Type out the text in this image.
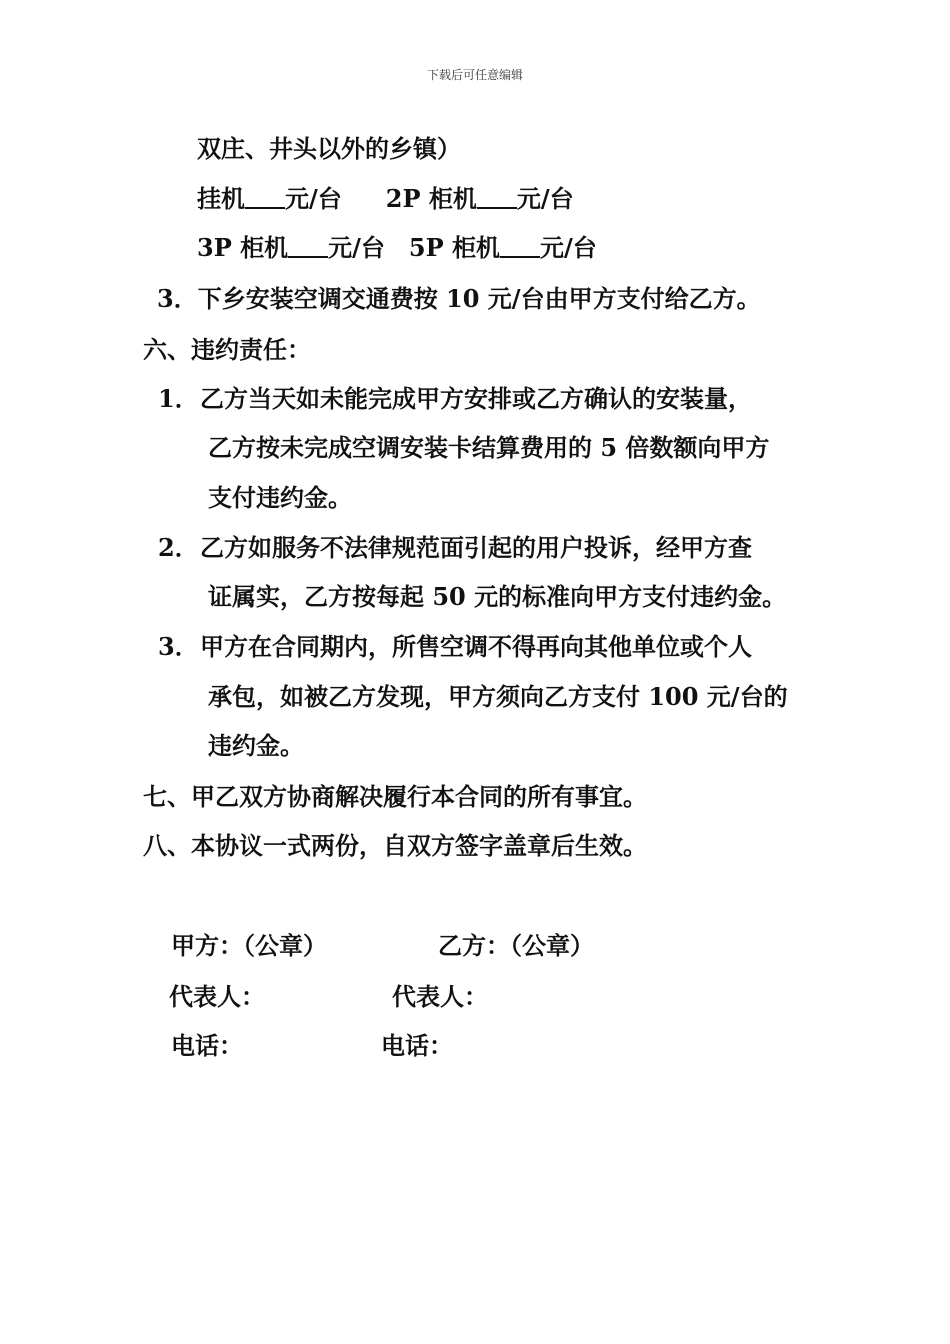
下载后可任意编辑
双庄、井头以外的乡镇）
挂机 元/台 2P 柜机 元/台
3P 柜机 元/台 5P 柜机 元/台
3．下乡安装空调交通费按 10 元/台由甲方支付给乙方。
六、违约责任：
1． 乙方当天如未能完成甲方安排或乙方确认的安装量，
乙方按未完成空调安装卡结算费用的 5 倍数额向甲方
支付违约金。
2． 乙方如服务不法律规范面引起的用户投诉，经甲方查
证属实，乙方按每起 50 元的标准向甲方支付违约金。
3． 甲方在合同期内，所售空调不得再向其他单位或个人
承包，如被乙方发现，甲方须向乙方支付 100 元/台的
违约金。
七、甲乙双方协商解决履行本合同的所有事宜。
八、本协议一式两份，自双方签字盖章后生效。
甲方：（公章）	乙方：（公章）
代表人：	代表人：
电话：	电话：
